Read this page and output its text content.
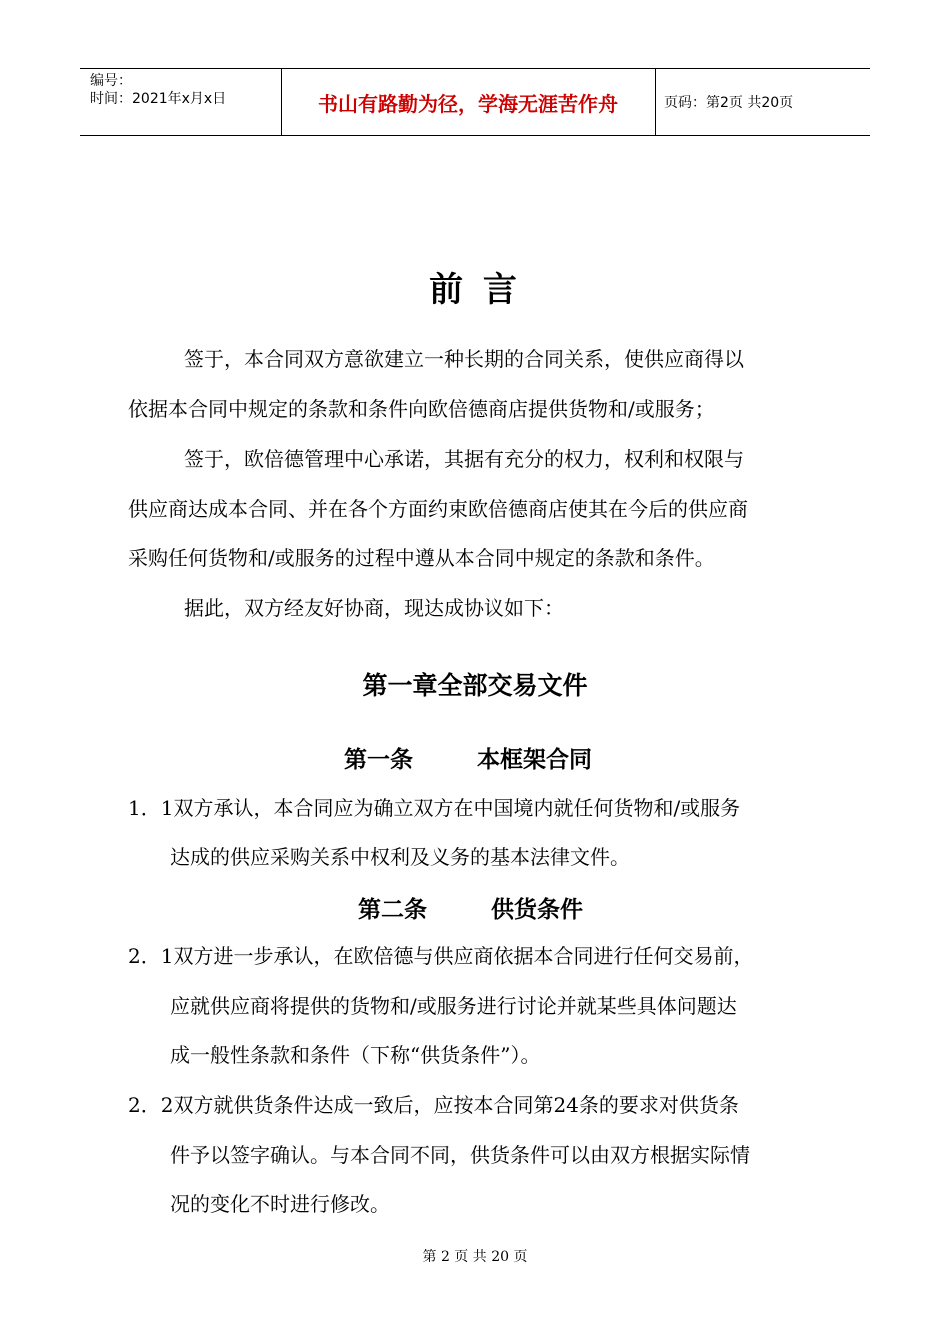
编号：
时间：2021年x月x日	书山有路勤为径，学海无涯苦作舟	页码：第2页 共20页
前 言
签于，本合同双方意欲建立一种长期的合同关系，使供应商得以
依据本合同中规定的条款和条件向欧倍德商店提供货物和/或服务；
签于，欧倍德管理中心承诺，其据有充分的权力，权利和权限与
供应商达成本合同、并在各个方面约束欧倍德商店使其在今后的供应商
采购任何货物和/或服务的过程中遵从本合同中规定的条款和条件。
据此，双方经友好协商，现达成协议如下：
第一章全部交易文件
第一条        本框架合同
1．1双方承认，本合同应为确立双方在中国境内就任何货物和/或服务
达成的供应采购关系中权利及义务的基本法律文件。
第二条        供货条件
2．1双方进一步承认，在欧倍德与供应商依据本合同进行任何交易前，
应就供应商将提供的货物和/或服务进行讨论并就某些具体问题达
成一般性条款和条件（下称“供货条件”）。
2．2双方就供货条件达成一致后，应按本合同第24条的要求对供货条
件予以签字确认。与本合同不同，供货条件可以由双方根据实际情
况的变化不时进行修改。
第 2 页 共 20 页
